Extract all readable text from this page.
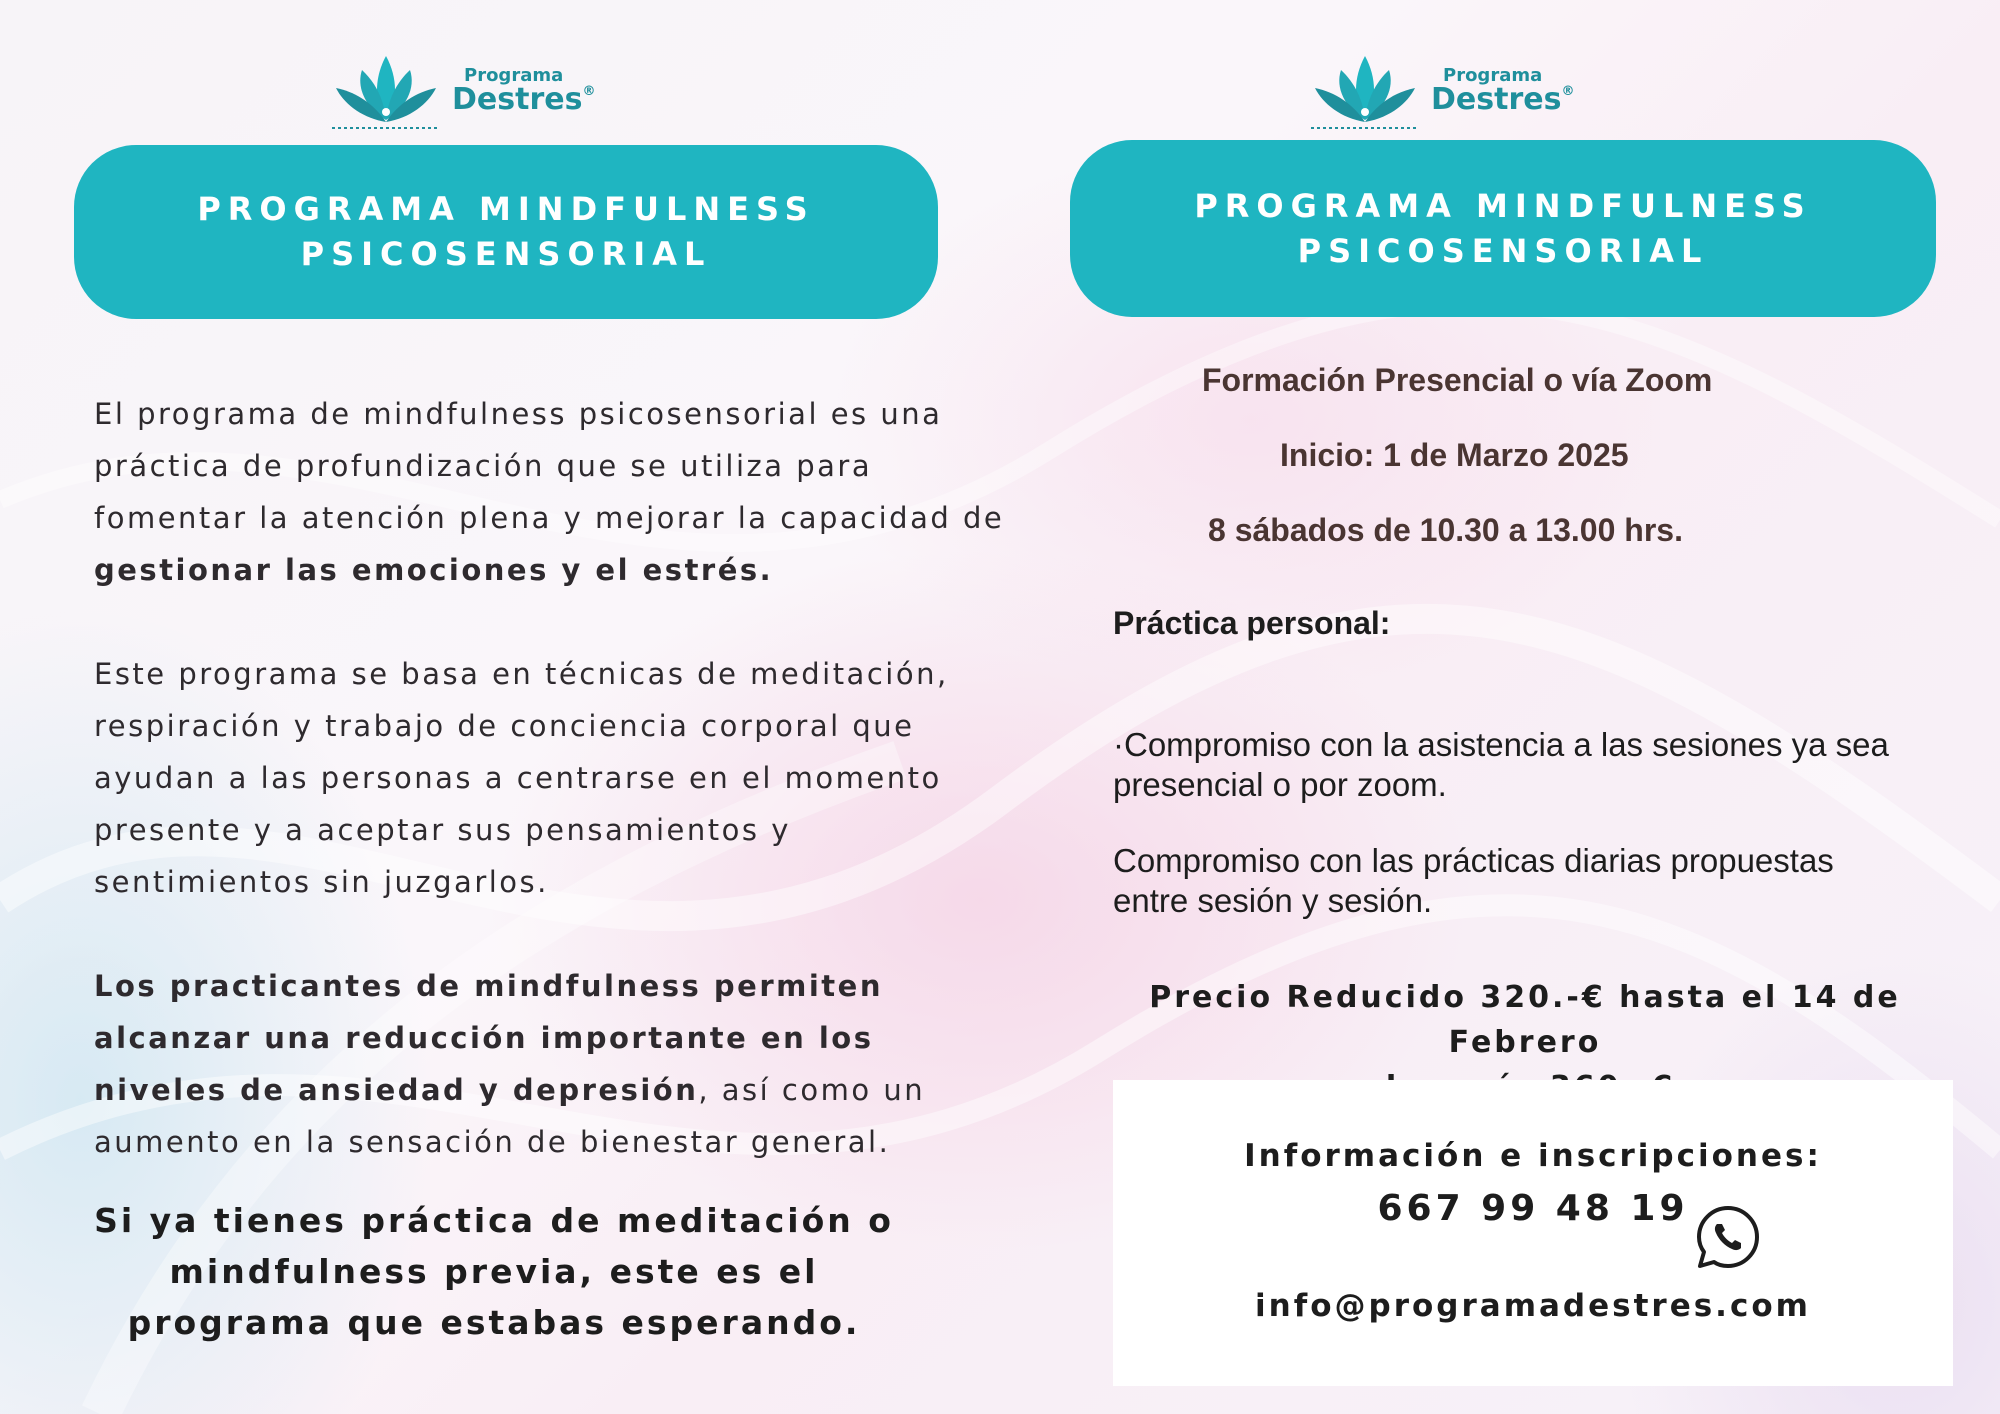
Programa
Destres®
PROGRAMA MINDFULNESS
PSICOSENSORIAL

El programa de mindfulness psicosensorial es una práctica de profundización que se utiliza para fomentar la atención plena y mejorar la capacidad de gestionar las emociones y el estrés.

Este programa se basa en técnicas de meditación, respiración y trabajo de conciencia corporal que ayudan a las personas a centrarse en el momento presente y a aceptar sus pensamientos y sentimientos sin juzgarlos.

Los practicantes de mindfulness permiten alcanzar una reducción importante en los niveles de ansiedad y depresión, así como un aumento en la sensación de bienestar general.

Si ya tienes práctica de meditación o
mindfulness previa, este es el
programa que estabas esperando.
Programa
Destres®
PROGRAMA MINDFULNESS
PSICOSENSORIAL
Formación Presencial o vía Zoom
Inicio: 1 de Marzo 2025
8 sábados de 10.30 a 13.00 hrs.
Práctica personal:
·Compromiso con la asistencia a las sesiones ya sea presencial o por zoom.
Compromiso con las prácticas diarias propuestas entre sesión y sesión.
Precio Reducido 320.-€ hasta el 14 de Febrero
Información e inscripciones:
667 99 48 19
info@programadestres.com
